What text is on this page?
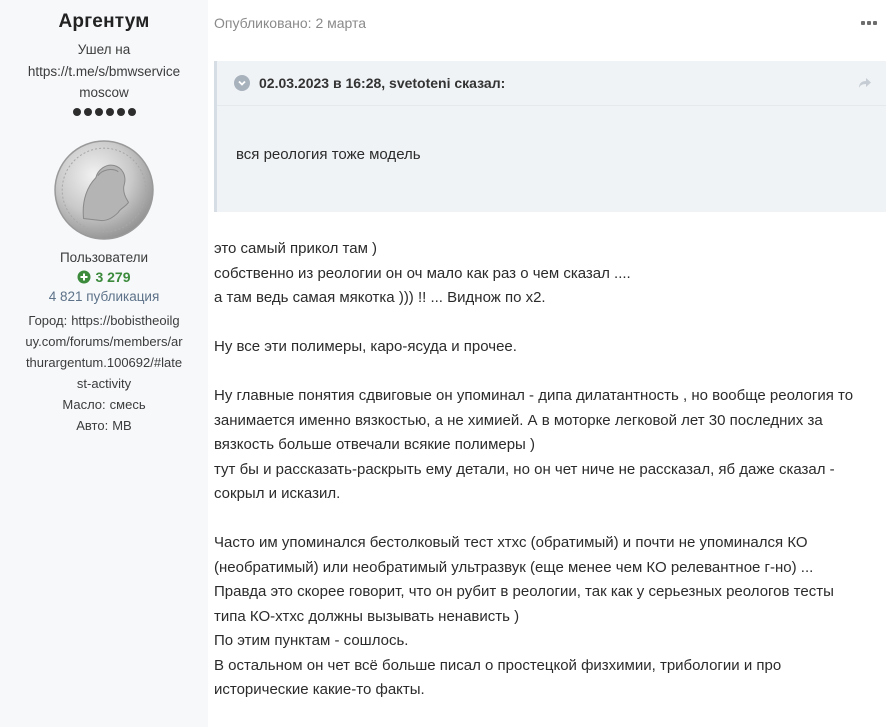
Аргентум
Ушел на
https://t.me/s/bmwservice
moscow
Пользователи
3 279
4 821 публикация
Город: https://bobistheoilg
uy.com/forums/members/ar
thurargentum.100692/#late
st-activity
Масло: смесь
Авто: MB
Опубликовано: 2 марта
02.03.2023 в 16:28, svetoteni сказал:
вся реология тоже модель

это самый прикол там )
собственно из реологии он оч мало как раз о чем сказал ....
а там ведь самая мякотка ))) !! ... Виднож по х2.

Ну все эти полимеры, каро-ясуда и прочее.

Ну главные понятия сдвиговые он упоминал - дипа дилатантность , но вообще реология то
занимается именно вязкостью, а не химией. А в моторке легковой лет 30 последних за
вязкость больше отвечали всякие полимеры )
тут бы и рассказать-раскрыть ему детали, но он чет ниче не рассказал, яб даже сказал -
сокрыл и исказил.

Часто им упоминался бестолковый тест хтхс (обратимый) и почти не упоминался КО
(необратимый) или необратимый ультразвук (еще менее чем КО релевантное г-но) ...
Правда это скорее говорит, что он рубит в реологии, так как у серьезных реологов тесты
типа КО-хтхс должны вызывать ненависть )
По этим пунктам - сошлось.
В остальном он чет всё больше писал о простецкой физхимии, трибологии и про
исторические какие-то факты.
